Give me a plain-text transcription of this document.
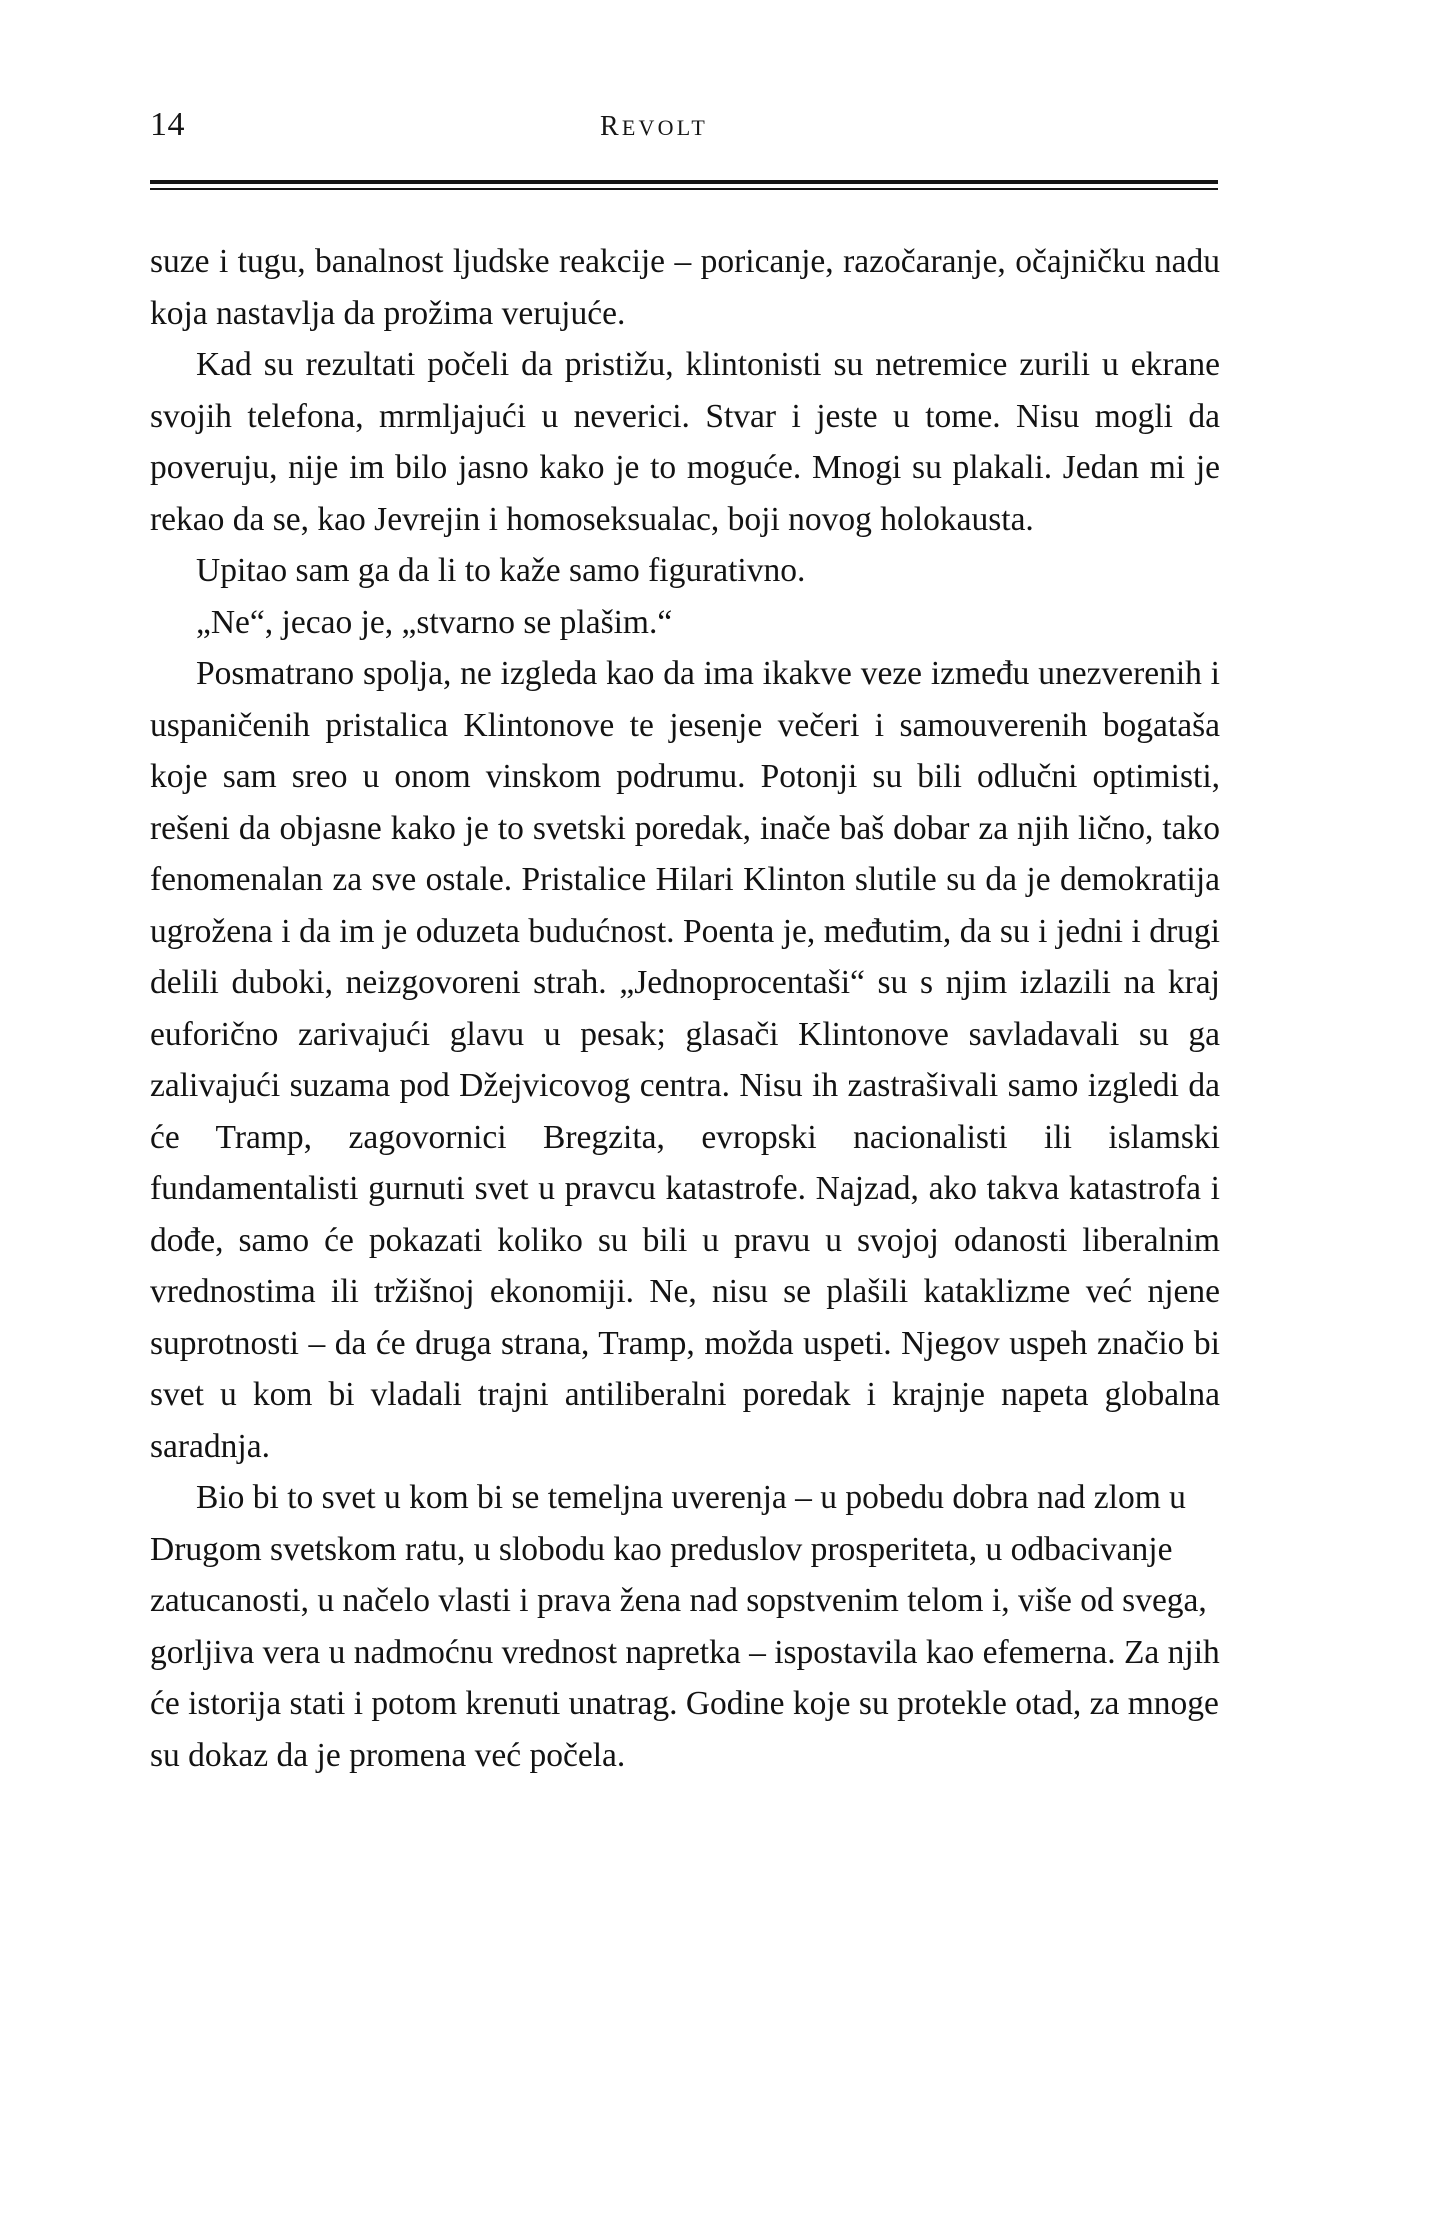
14	REVOLT

suze i tugu, banalnost ljudske reakcije – poricanje, razočaranje, očajničku nadu koja nastavlja da prožima verujuće.

Kad su rezultati počeli da pristižu, klintonisti su netremice zurili u ekrane svojih telefona, mrmljajući u neverici. Stvar i jeste u tome. Nisu mogli da poveruju, nije im bilo jasno kako je to moguće. Mnogi su plakali. Jedan mi je rekao da se, kao Jevrejin i homoseksualac, boji novog holokausta.

Upitao sam ga da li to kaže samo figurativno.

„Ne“, jecao je, „stvarno se plašim.“

Posmatrano spolja, ne izgleda kao da ima ikakve veze između unezverenih i uspaničenih pristalica Klintonove te jesenje večeri i samouverenih bogataša koje sam sreo u onom vinskom podrumu. Potonji su bili odlučni optimisti, rešeni da objasne kako je to svetski poredak, inače baš dobar za njih lično, tako fenomenalan za sve ostale. Pristalice Hilari Klinton slutile su da je demokratija ugrožena i da im je oduzeta budućnost. Poenta je, međutim, da su i jedni i drugi delili duboki, neizgovoreni strah. „Jednoprocentaši“ su s njim izlazili na kraj euforično zarivajući glavu u pesak; glasači Klintonove savladavali su ga zalivajući suzama pod Džejvicovog centra. Nisu ih zastrašivali samo izgledi da će Tramp, zagovornici Bregzita, evropski nacionalisti ili islamski fundamentalisti gurnuti svet u pravcu katastrofe. Najzad, ako takva katastrofa i dođe, samo će pokazati koliko su bili u pravu u svojoj odanosti liberalnim vrednostima ili tržišnoj ekonomiji. Ne, nisu se plašili kataklizme već njene suprotnosti – da će druga strana, Tramp, možda uspeti. Njegov uspeh značio bi svet u kom bi vladali trajni antiliberalni poredak i krajnje napeta globalna saradnja.

Bio bi to svet u kom bi se temeljna uverenja – u pobedu dobra nad zlom u Drugom svetskom ratu, u slobodu kao preduslov prosperiteta, u odbacivanje zatucanosti, u načelo vlasti i prava žena nad sopstvenim telom i, više od svega, gorljiva vera u nadmoćnu vrednost napretka – ispostavila kao efemerna. Za njih će istorija stati i potom krenuti unatrag. Godine koje su protekle otad, za mnoge su dokaz da je promena već počela.
